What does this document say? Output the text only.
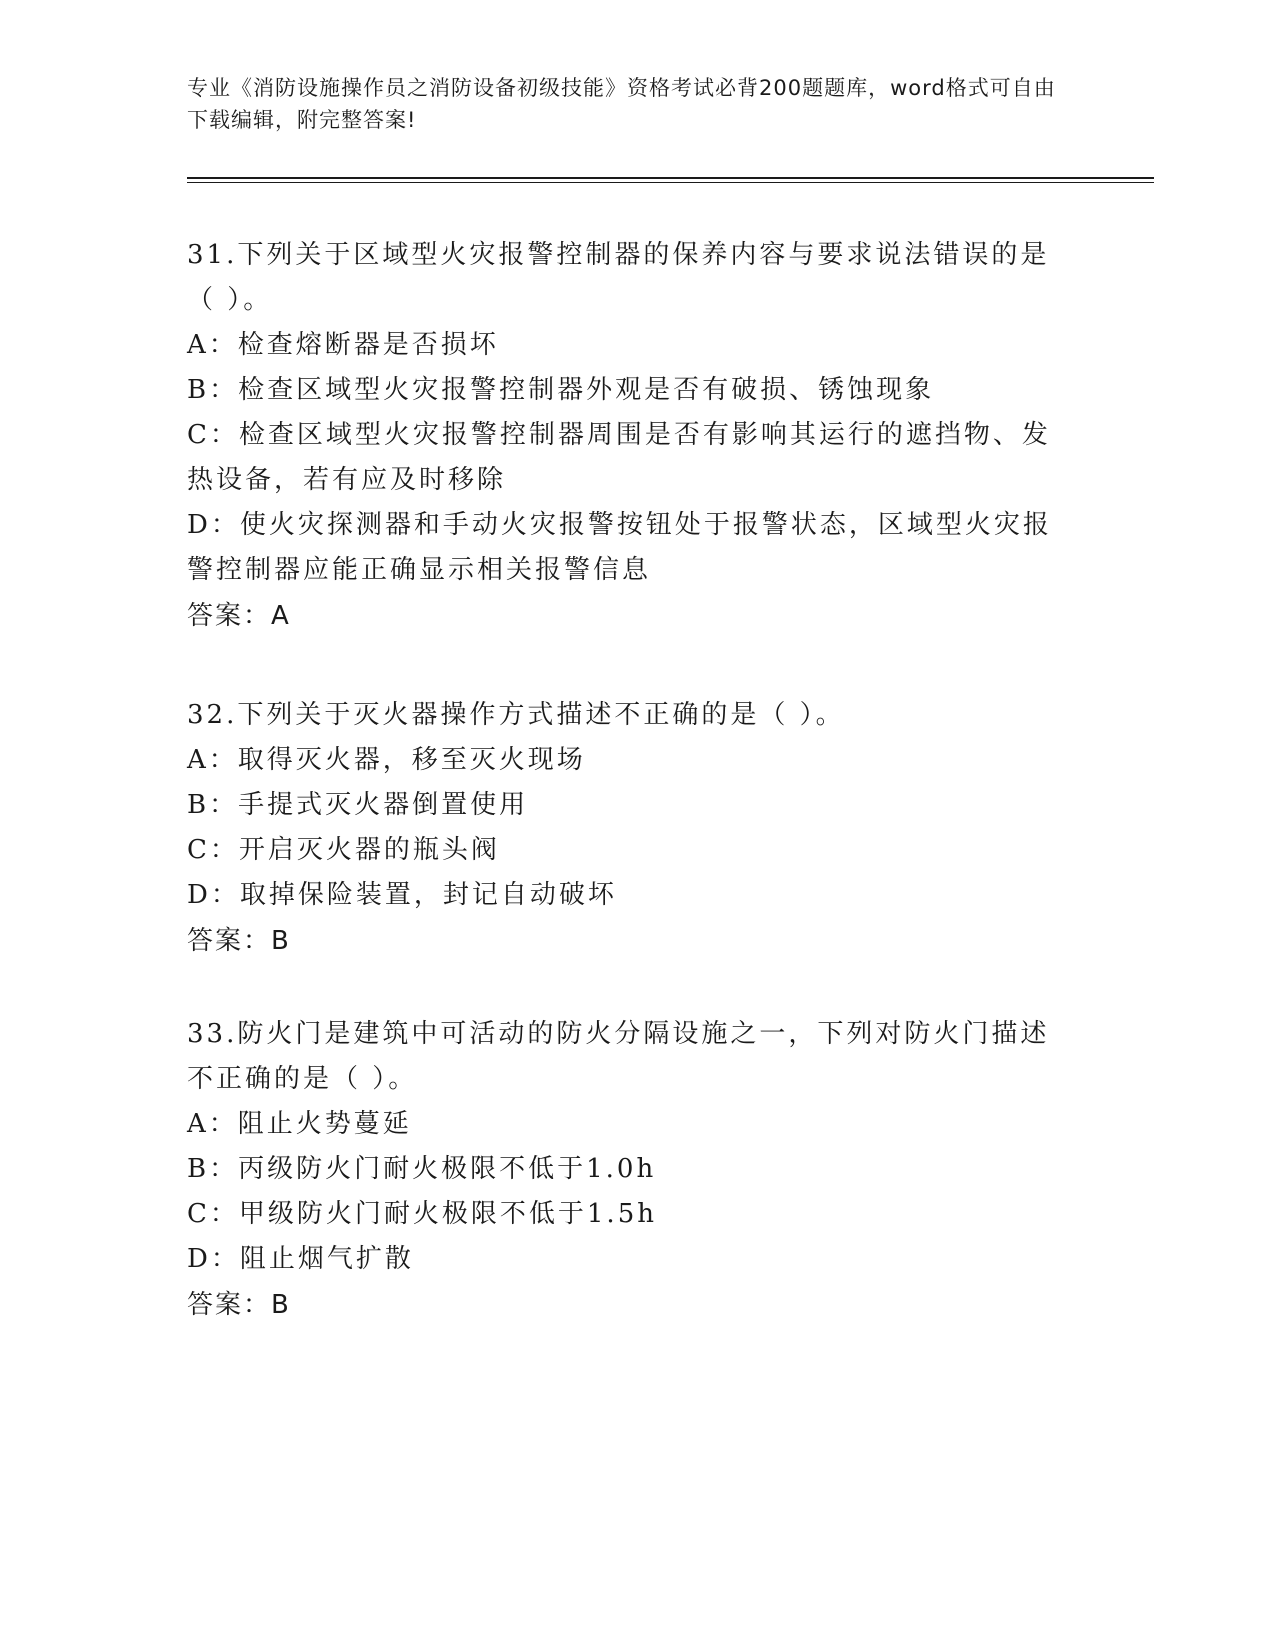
专业《消防设施操作员之消防设备初级技能》资格考试必背200题题库，word格式可自由下载编辑，附完整答案!
31.下列关于区域型火灾报警控制器的保养内容与要求说法错误的是（ ）。
A：检查熔断器是否损坏
B：检查区域型火灾报警控制器外观是否有破损、锈蚀现象
C：检查区域型火灾报警控制器周围是否有影响其运行的遮挡物、发热设备，若有应及时移除
D：使火灾探测器和手动火灾报警按钮处于报警状态，区域型火灾报警控制器应能正确显示相关报警信息
答案：A
32.下列关于灭火器操作方式描述不正确的是（ ）。
A：取得灭火器，移至灭火现场
B：手提式灭火器倒置使用
C：开启灭火器的瓶头阀
D：取掉保险装置，封记自动破坏
答案：B
33.防火门是建筑中可活动的防火分隔设施之一，下列对防火门描述不正确的是（ ）。
A：阻止火势蔓延
B：丙级防火门耐火极限不低于1.0h
C：甲级防火门耐火极限不低于1.5h
D：阻止烟气扩散
答案：B
